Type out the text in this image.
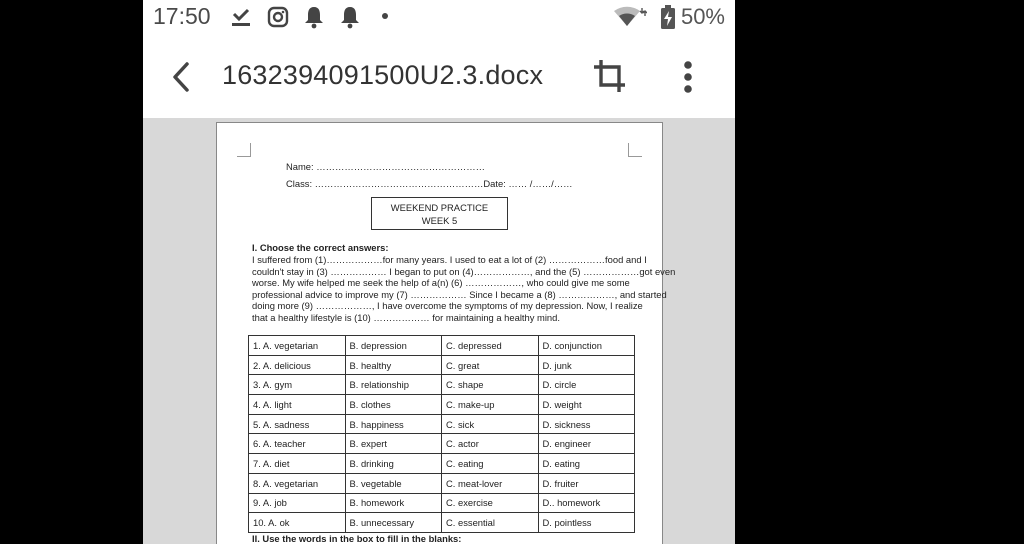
17:50	50%
1632394091500U2.3.docx
Name: ………………………………………………
Class: ………………………………………………Date: …… /……/……
WEEKEND PRACTICE
WEEK 5
I. Choose the correct answers:
I suffered from (1)………………for many years. I used to eat a lot of (2) ………………food and I
couldn't stay in (3) ……………… I began to put on (4)………………, and the (5) ………………got even
worse. My wife helped me seek the help of a(n) (6) ………………, who could give me some
professional advice to improve my (7) ……………… Since I became a (8) ………………, and started
doing more (9) ………………, I have overcome the symptoms of my depression. Now, I realize
that a healthy lifestyle is (10) ……………… for maintaining a healthy mind.
1. A. vegetarian	B. depression	C. depressed	D. conjunction
2. A. delicious	B. healthy	C. great	D. junk
3. A. gym	B. relationship	C. shape	D. circle
4. A. light	B. clothes	C. make-up	D. weight
5. A. sadness	B. happiness	C. sick	D. sickness
6. A. teacher	B. expert	C. actor	D. engineer
7. A. diet	B. drinking	C. eating	D. eating
8. A. vegetarian	B. vegetable	C. meat-lover	D. fruiter
9. A. job	B. homework	C. exercise	D.. homework
10. A. ok	B. unnecessary	C. essential	D. pointless
II. Use the words in the box to fill in the blanks:
